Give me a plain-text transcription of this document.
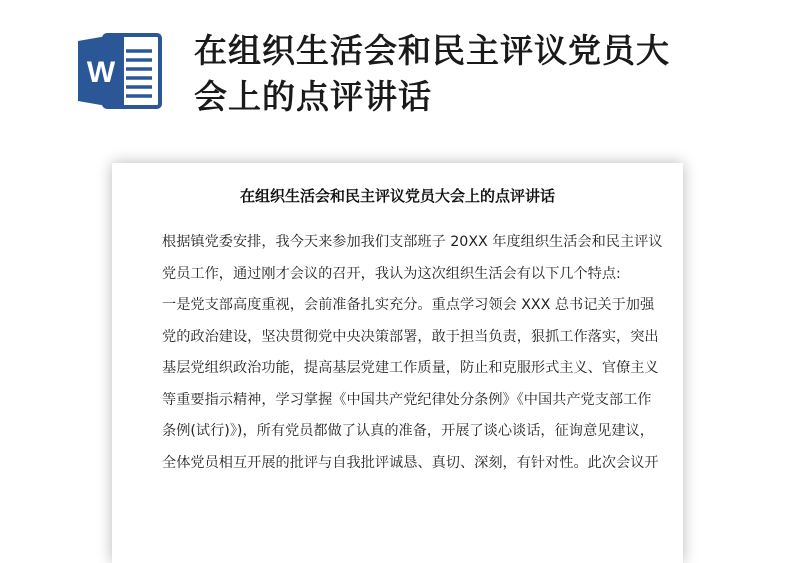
W
在组织生活会和民主评议党员大
会上的点评讲话
在组织生活会和民主评议党员大会上的点评讲话
根据镇党委安排，我今天来参加我们支部班子 20XX 年度组织生活会和民主评议
党员工作，通过刚才会议的召开，我认为这次组织生活会有以下几个特点:
一是党支部高度重视，会前准备扎实充分。重点学习领会 XXX 总书记关于加强
党的政治建设，坚决贯彻党中央决策部署，敢于担当负责，狠抓工作落实，突出
基层党组织政治功能，提高基层党建工作质量，防止和克服形式主义、官僚主义
等重要指示精神，学习掌握《中国共产党纪律处分条例》《中国共产党支部工作
条例(试行)》)，所有党员都做了认真的准备，开展了谈心谈话，征询意见建议，
全体党员相互开展的批评与自我批评诚恳、真切、深刻，有针对性。此次会议开
